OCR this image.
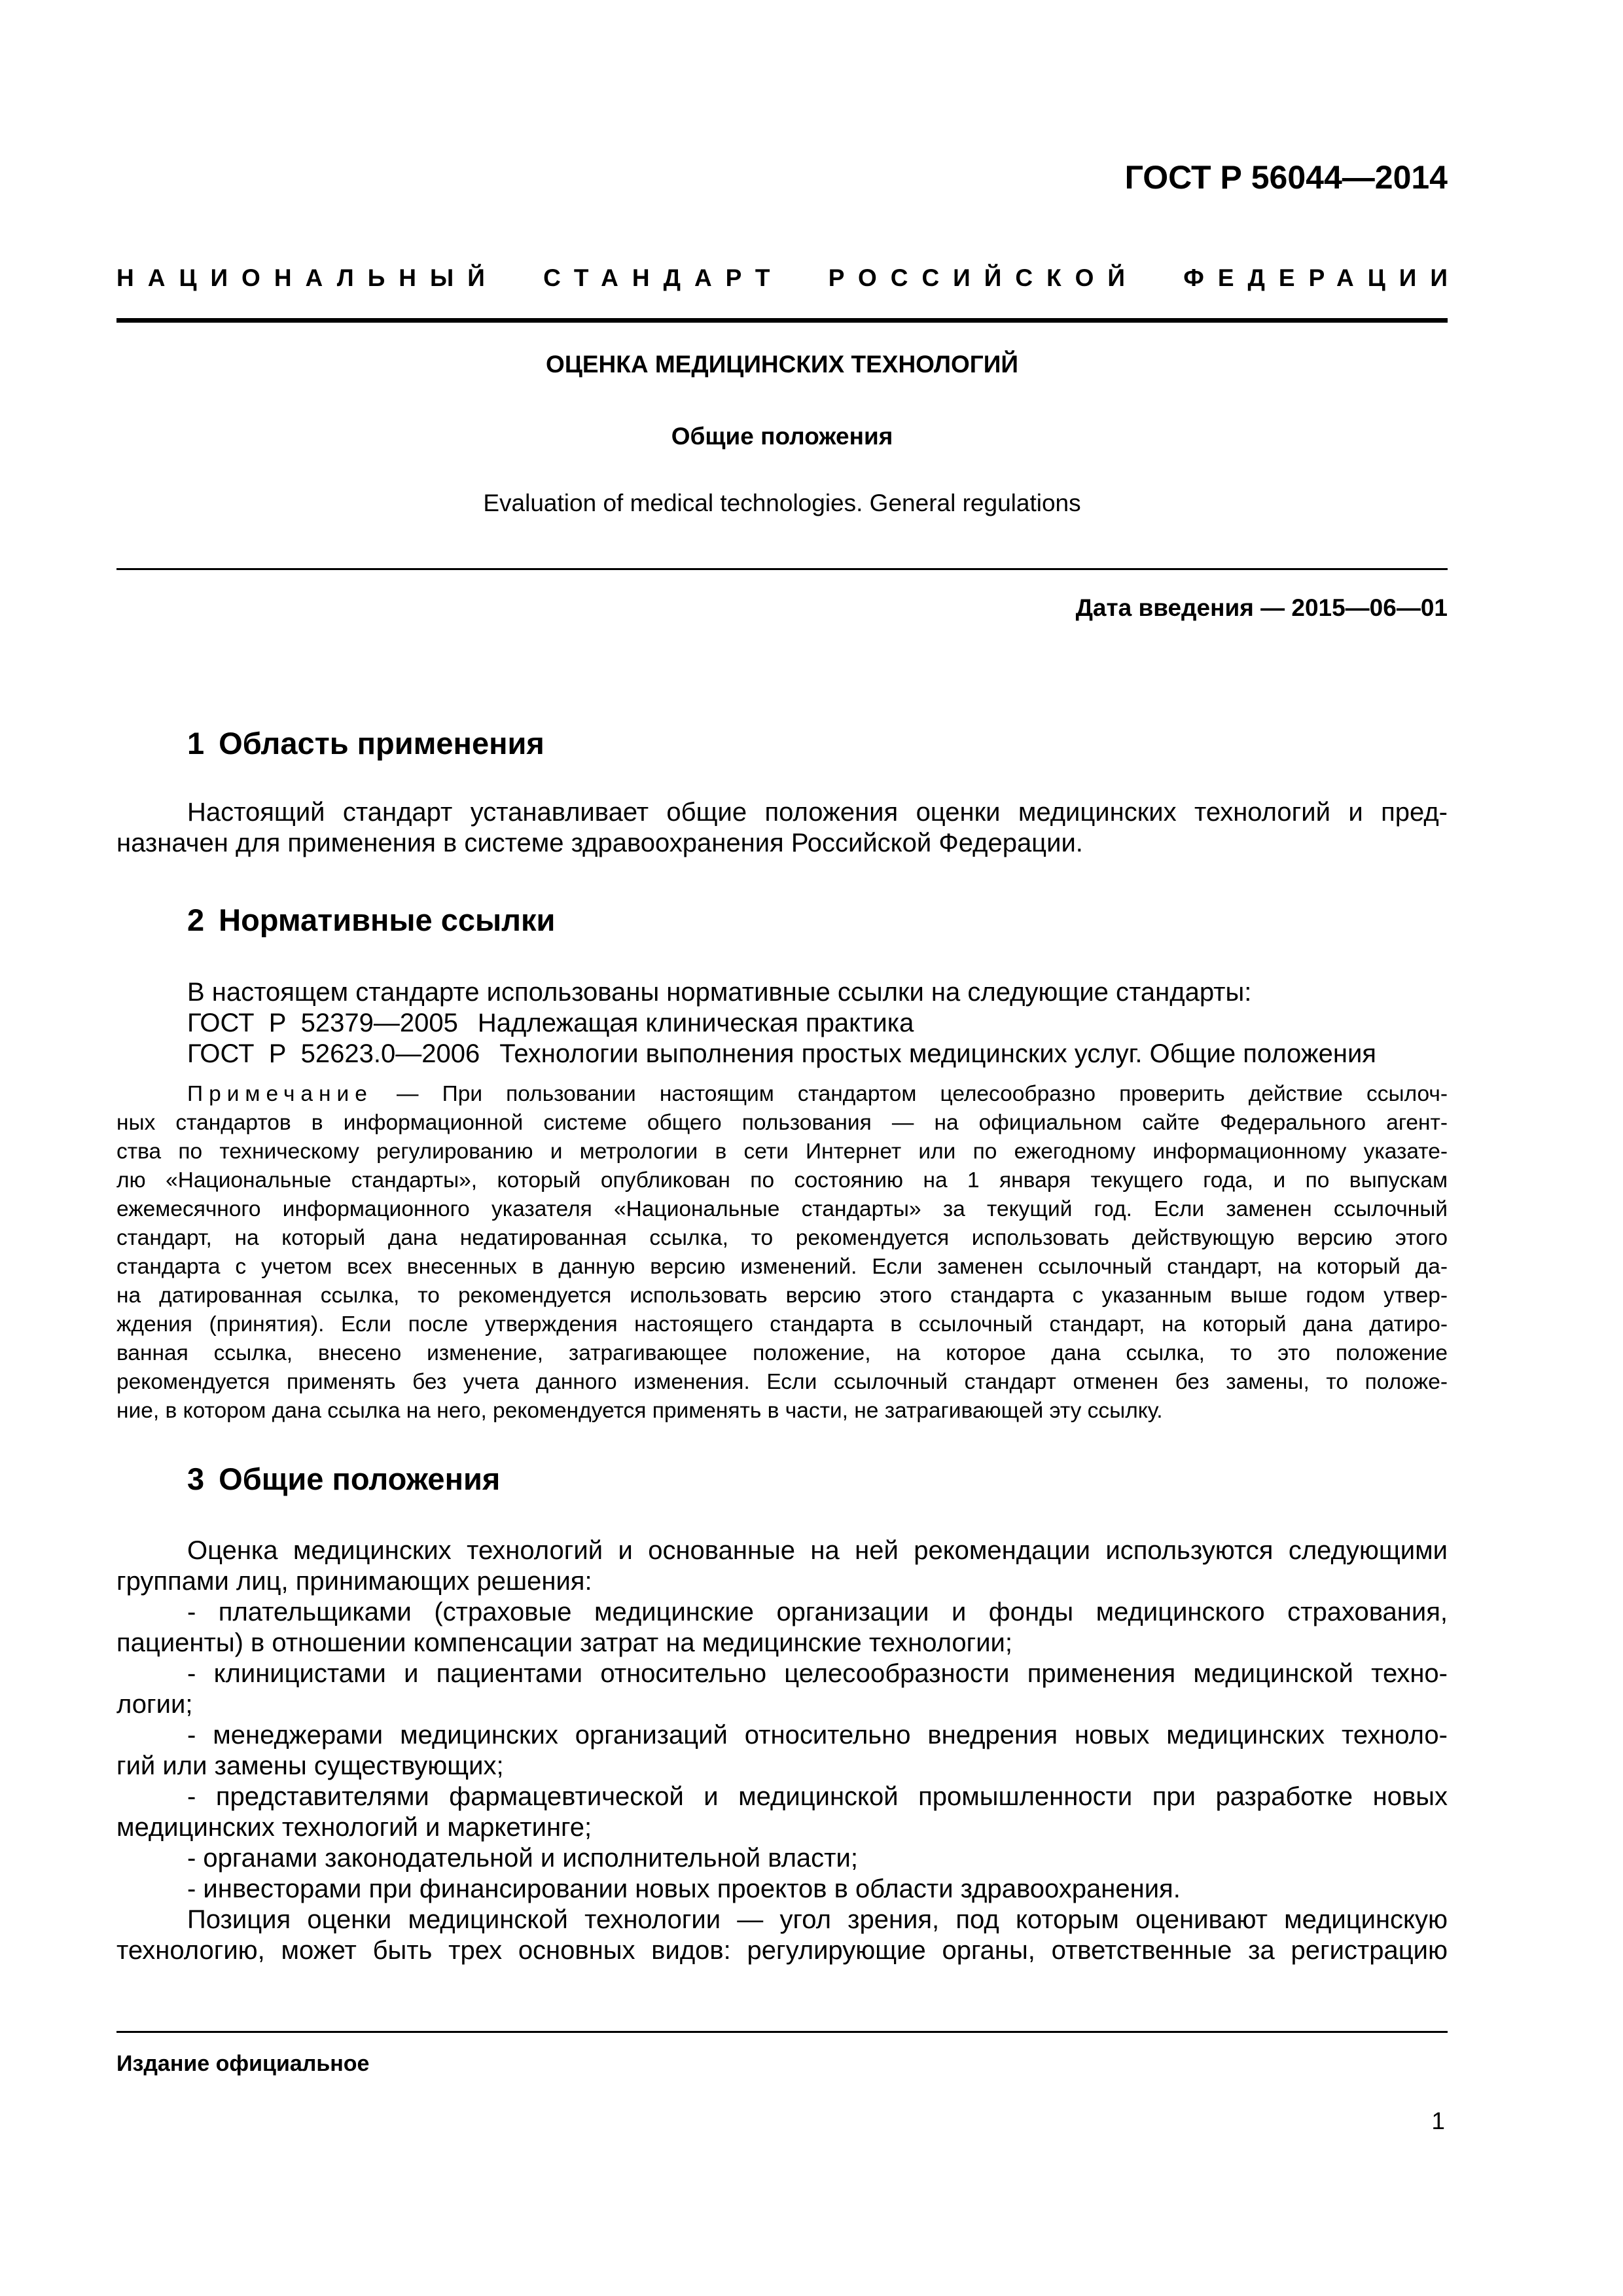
ГОСТ Р 56044—2014
НАЦИОНАЛЬНЫЙ СТАНДАРТ РОССИЙСКОЙ ФЕДЕРАЦИИ
ОЦЕНКА МЕДИЦИНСКИХ ТЕХНОЛОГИЙ
Общие положения
Evaluation of medical technologies. General regulations
Дата введения — 2015—06—01
1 Область применения
Настоящий стандарт устанавливает общие положения оценки медицинских технологий и пред-
назначен для применения в системе здравоохранения Российской Федерации.
2 Нормативные ссылки
В настоящем стандарте использованы нормативные ссылки на следующие стандарты:
ГОСТ  Р  52379—2005 Надлежащая клиническая практика
ГОСТ  Р  52623.0—2006 Технологии выполнения простых медицинских услуг. Общие положения
Примечание — При пользовании настоящим стандартом целесообразно проверить действие ссылоч-
ных стандартов в информационной системе общего пользования — на официальном сайте Федерального агент-
ства по техническому регулированию и метрологии в сети Интернет или по ежегодному информационному указате-
лю «Национальные стандарты», который опубликован по состоянию на 1 января текущего года, и по выпускам
ежемесячного информационного указателя «Национальные стандарты» за текущий год. Если заменен ссылочный
стандарт, на который дана недатированная ссылка, то рекомендуется использовать действующую версию этого
стандарта с учетом всех внесенных в данную версию изменений. Если заменен ссылочный стандарт, на который да-
на датированная ссылка, то рекомендуется использовать версию этого стандарта с указанным выше годом утвер-
ждения (принятия). Если после утверждения настоящего стандарта в ссылочный стандарт, на который дана датиро-
ванная ссылка, внесено изменение, затрагивающее положение, на которое дана ссылка, то это положение
рекомендуется применять без учета данного изменения. Если ссылочный стандарт отменен без замены, то положе-
ние, в котором дана ссылка на него, рекомендуется применять в части, не затрагивающей эту ссылку.
3 Общие положения
Оценка медицинских технологий и основанные на ней рекомендации используются следующими
группами лиц, принимающих решения:
- плательщиками (страховые медицинские организации и фонды медицинского страхования,
пациенты) в отношении компенсации затрат на медицинские технологии;
- клиницистами и пациентами относительно целесообразности применения медицинской техно-
логии;
- менеджерами медицинских организаций относительно внедрения новых медицинских техноло-
гий или замены существующих;
- представителями фармацевтической и медицинской промышленности при разработке новых
медицинских технологий и маркетинге;
- органами законодательной и исполнительной власти;
- инвесторами при финансировании новых проектов в области здравоохранения.
Позиция оценки медицинской технологии — угол зрения, под которым оценивают медицинскую
технологию, может быть трех основных видов: регулирующие органы, ответственные за регистрацию
Издание официальное
1
